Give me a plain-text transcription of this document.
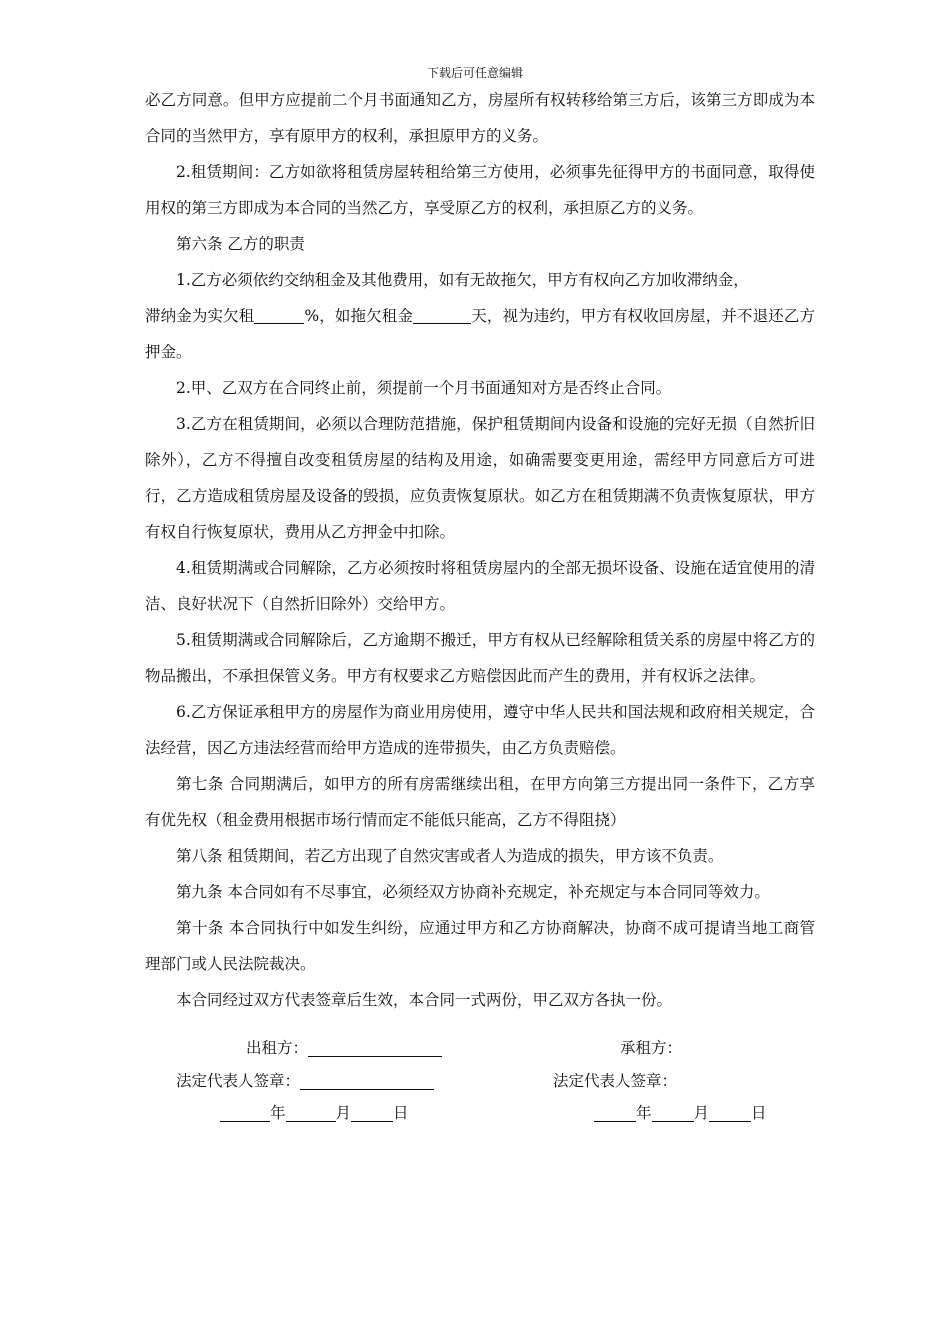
下载后可任意编辑

必乙方同意。但甲方应提前二个月书面通知乙方，房屋所有权转移给第三方后，该第三方即成为本合同的当然甲方，享有原甲方的权利，承担原甲方的义务。

2.租赁期间：乙方如欲将租赁房屋转租给第三方使用，必须事先征得甲方的书面同意，取得使用权的第三方即成为本合同的当然乙方，享受原乙方的权利，承担原乙方的义务。

第六条 乙方的职责

1.乙方必须依约交纳租金及其他费用，如有无故拖欠，甲方有权向乙方加收滞纳金，

滞纳金为实欠租	%，如拖欠租金	天，视为违约，甲方有权收回房屋，并不退还乙方押金。

2.甲、乙双方在合同终止前，须提前一个月书面通知对方是否终止合同。

3.乙方在租赁期间，必须以合理防范措施，保护租赁期间内设备和设施的完好无损（自然折旧除外），乙方不得擅自改变租赁房屋的结构及用途，如确需要变更用途，需经甲方同意后方可进行，乙方造成租赁房屋及设备的毁损，应负责恢复原状。如乙方在租赁期满不负责恢复原状，甲方有权自行恢复原状，费用从乙方押金中扣除。

4.租赁期满或合同解除，乙方必须按时将租赁房屋内的全部无损坏设备、设施在适宜使用的清洁、良好状况下（自然折旧除外）交给甲方。

5.租赁期满或合同解除后，乙方逾期不搬迁，甲方有权从已经解除租赁关系的房屋中将乙方的物品搬出，不承担保管义务。甲方有权要求乙方赔偿因此而产生的费用，并有权诉之法律。

6.乙方保证承租甲方的房屋作为商业用房使用，遵守中华人民共和国法规和政府相关规定，合法经营，因乙方违法经营而给甲方造成的连带损失，由乙方负责赔偿。

第七条 合同期满后，如甲方的所有房需继续出租，在甲方向第三方提出同一条件下，乙方享有优先权（租金费用根据市场行情而定不能低只能高，乙方不得阻挠）

第八条 租赁期间，若乙方出现了自然灾害或者人为造成的损失，甲方该不负责。

第九条 本合同如有不尽事宜，必须经双方协商补充规定，补充规定与本合同同等效力。

第十条 本合同执行中如发生纠纷，应通过甲方和乙方协商解决，协商不成可提请当地工商管理部门或人民法院裁决。

本合同经过双方代表签章后生效，本合同一式两份，甲乙双方各执一份。

出租方：	承租方：
法定代表人签章：	法定代表人签章：
年	月	日	年	月	日
